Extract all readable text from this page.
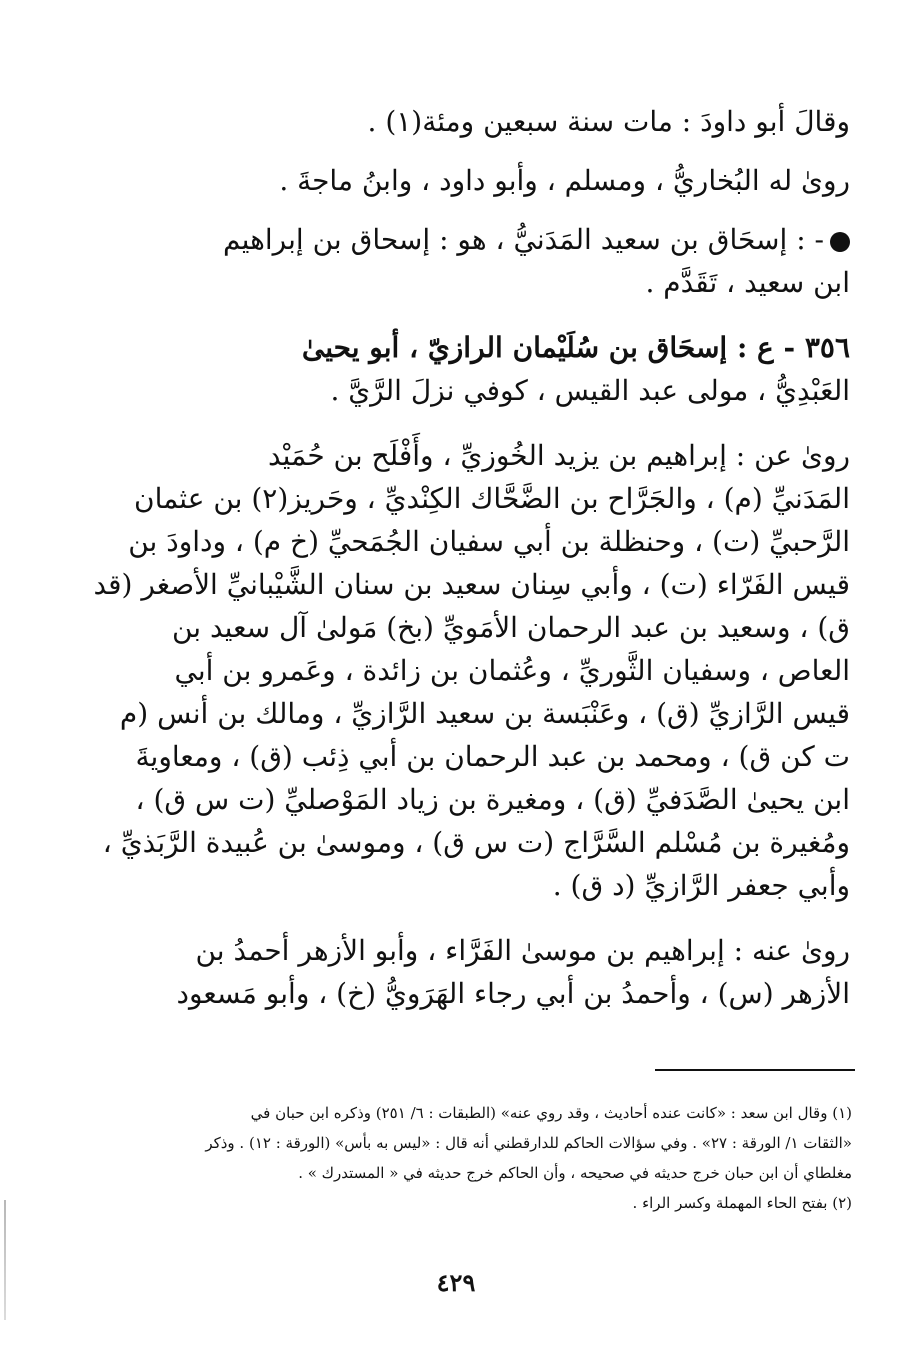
وقالَ أبو داودَ : مات سنة سبعين ومئة(١) .

روىٰ له البُخاريُّ ، ومسلم ، وأبو داود ، وابنُ ماجةَ .

- : إسحَاق بن سعيد المَدَنيُّ ، هو : إسحاق بن إبراهيم

ابن سعيد ، تَقَدَّم .

٣٥٦ - ع : إسحَاق بن سُلَيْمان الرازيّ ، أبو يحيىٰ

العَبْدِيُّ ، مولى عبد القيس ، كوفي نزلَ الرَّيَّ .

روىٰ عن : إبراهيم بن يزيد الخُوزيِّ ، وأَفْلَح بن حُمَيْد

المَدَنيِّ (م) ، والجَرَّاح بن الضَّحَّاك الكِنْديِّ ، وحَريز(٢) بن عثمان

الرَّحبيِّ (ت) ، وحنظلة بن أبي سفيان الجُمَحيِّ (خ م) ، وداودَ بن

قيس الفَرّاء (ت) ، وأبي سِنان سعيد بن سنان الشَّيْبانيِّ الأصغر (قد

ق) ، وسعيد بن عبد الرحمان الأمَويِّ (بخ) مَولىٰ آل سعيد بن

العاص ، وسفيان الثَّوريِّ ، وعُثمان بن زائدة ، وعَمرو بن أبي

قيس الرَّازيِّ (ق) ، وعَنْبَسة بن سعيد الرَّازيِّ ، ومالك بن أنس (م

ت كن ق) ، ومحمد بن عبد الرحمان بن أبي ذِئب (ق) ، ومعاويةَ

ابن يحيىٰ الصَّدَفيِّ (ق) ، ومغيرة بن زياد المَوْصليِّ (ت س ق) ،

ومُغيرة بن مُسْلم السَّرَّاج (ت س ق) ، وموسىٰ بن عُبيدة الرَّبَذيِّ ،

وأبي جعفر الرَّازيِّ (د ق) .

روىٰ عنه : إبراهيم بن موسىٰ الفَرَّاء ، وأبو الأزهر أحمدُ بن

الأزهر (س) ، وأحمدُ بن أبي رجاء الهَرَويُّ (خ) ، وأبو مَسعود

(١) وقال ابن سعد : «كانت عنده أحاديث ، وقد روي عنه» (الطبقات : ٦/ ٢٥١) وذكره ابن حبان في

«الثقات ١/ الورقة : ٢٧» . وفي سؤالات الحاكم للدارقطني أنه قال : «ليس به بأس» (الورقة : ١٢) . وذكر

مغلطاي أن ابن حبان خرج حديثه في صحيحه ، وأن الحاكم خرج حديثه في « المستدرك » .

(٢) بفتح الحاء المهملة وكسر الراء .

٤٢٩
